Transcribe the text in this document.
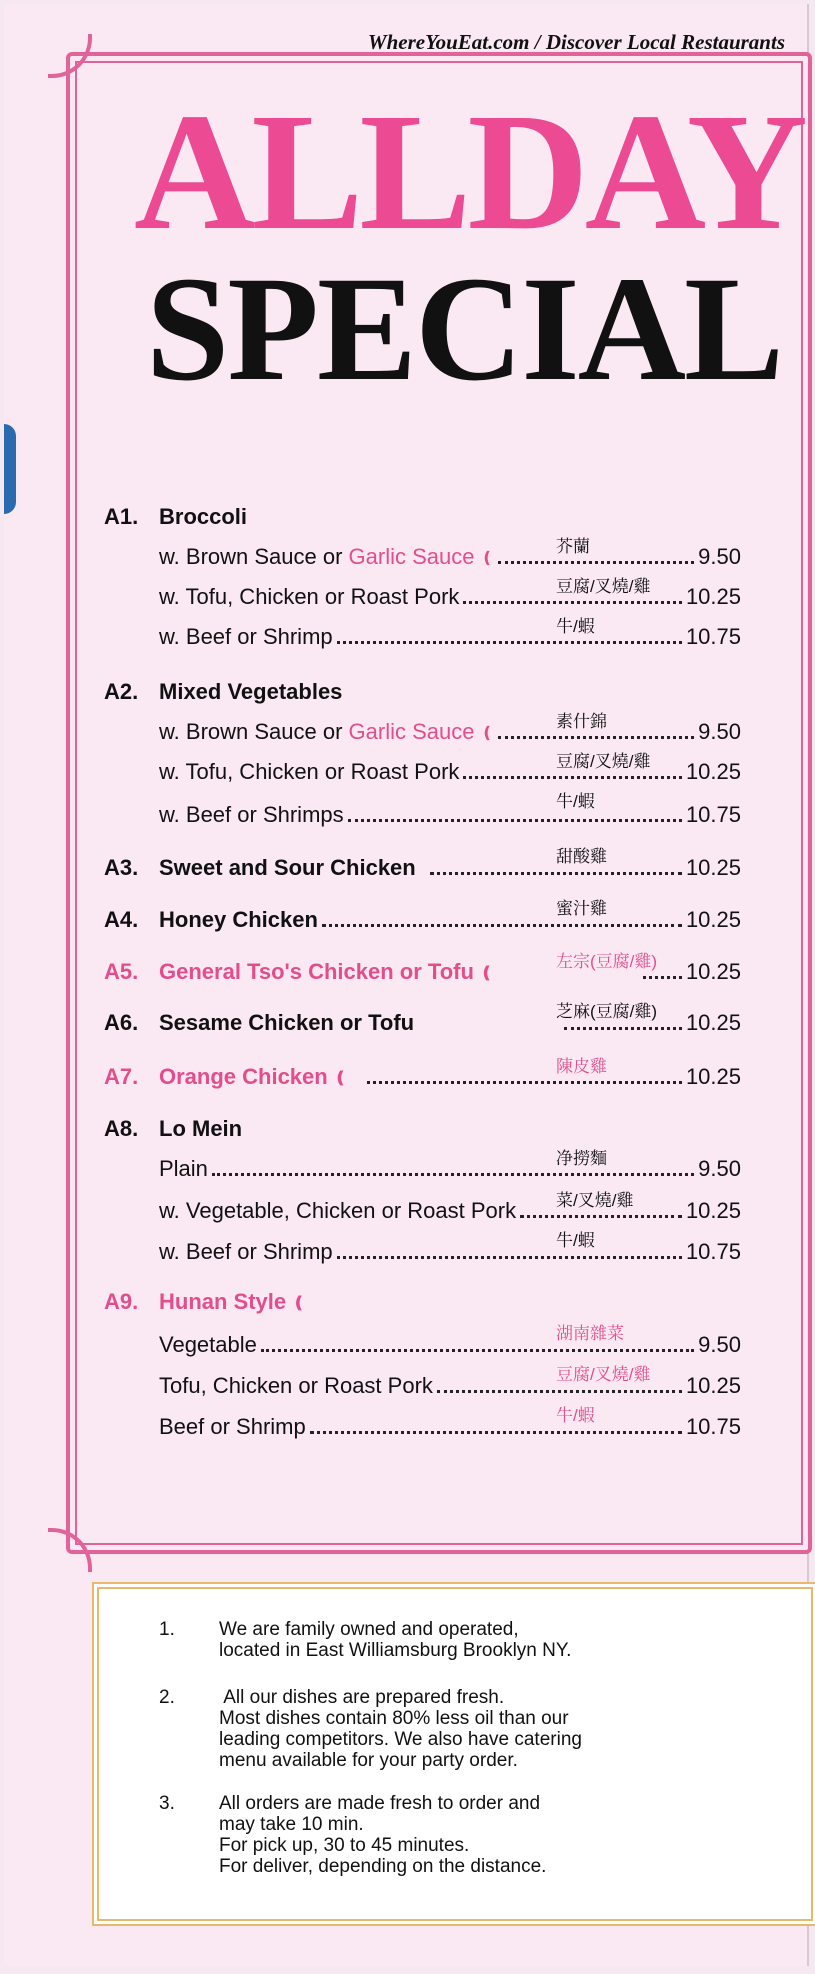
WhereYouEat.com / Discover Local Restaurants
ALLDAY
SPECIAL
A1. Broccoli
芥蘭
w. Brown Sauce or Garlic Sauce ❪	9.50
豆腐/叉燒/雞
w. Tofu, Chicken or Roast Pork	10.25
牛/蝦
w. Beef or Shrimp	10.75
A2. Mixed Vegetables
素什錦
w. Brown Sauce or Garlic Sauce ❪	9.50
豆腐/叉燒/雞
w. Tofu, Chicken or Roast Pork	10.25
牛/蝦
w. Beef or Shrimps	10.75
甜酸雞
A3. Sweet and Sour Chicken	10.25
蜜汁雞
A4. Honey Chicken	10.25
左宗(豆腐/雞)
A5. General Tso's Chicken or Tofu ❪	10.25
芝麻(豆腐/雞)
A6. Sesame Chicken or Tofu	10.25
陳皮雞
A7. Orange Chicken ❪	10.25
A8. Lo Mein
净撈麵
Plain	9.50
菜/叉燒/雞
w. Vegetable, Chicken or Roast Pork	10.25
牛/蝦
w. Beef or Shrimp	10.75
A9. Hunan Style ❪
湖南雜菜
Vegetable	9.50
豆腐/叉燒/雞
Tofu, Chicken or Roast Pork	10.25
牛/蝦
Beef or Shrimp	10.75
1.	We are family owned and operated,
located in East Williamsburg Brooklyn NY.
2.	All our dishes are prepared fresh.
Most dishes contain 80% less oil than our
leading competitors. We also have catering
menu available for your party order.
3.	All orders are made fresh to order and
may take 10 min.
For pick up, 30 to 45 minutes.
For deliver, depending on the distance.
